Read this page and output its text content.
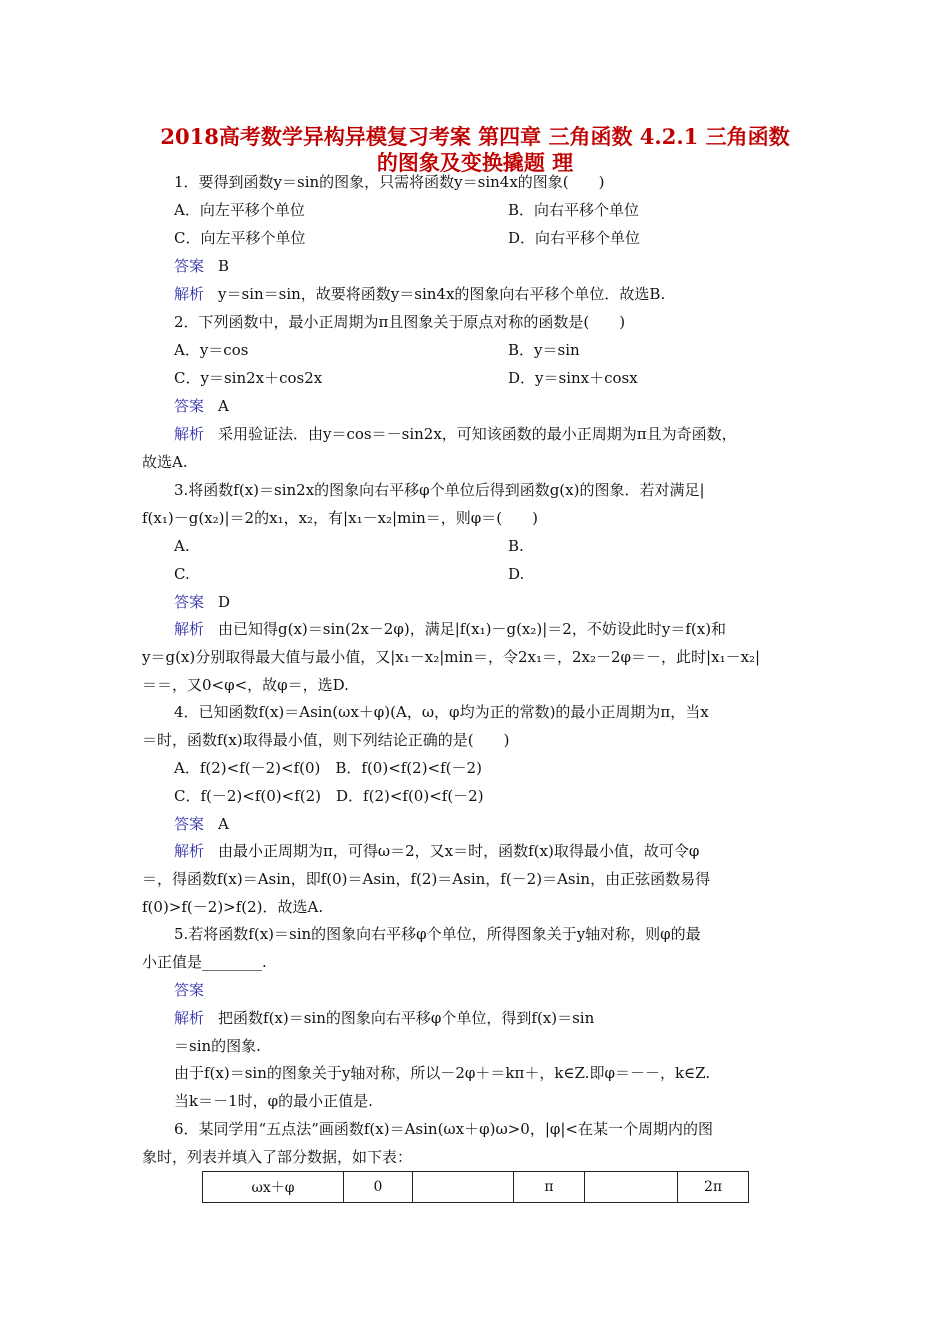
2018高考数学异构异模复习考案 第四章 三角函数 4.2.1 三角函数
的图象及变换撬题 理
1．要得到函数y＝sin的图象，只需将函数y＝sin4x的图象(　　)
A．向左平移个单位	B．向右平移个单位
C．向左平移个单位	D．向右平移个单位
答案 B
解析 y＝sin＝sin，故要将函数y＝sin4x的图象向右平移个单位．故选B.
2．下列函数中，最小正周期为π且图象关于原点对称的函数是(　　)
A．y＝cos	B．y＝sin
C．y＝sin2x＋cos2x	D．y＝sinx＋cosx
答案 A
解析 采用验证法．由y＝cos＝－sin2x，可知该函数的最小正周期为π且为奇函数，
故选A.
3.将函数f(x)＝sin2x的图象向右平移φ个单位后得到函数g(x)的图象．若对满足|
f(x₁)－g(x₂)|＝2的x₁，x₂，有|x₁－x₂|min＝，则φ＝(　　)
A.	B.
C.	D.
答案 D
解析 由已知得g(x)＝sin(2x－2φ)，满足|f(x₁)－g(x₂)|＝2，不妨设此时y＝f(x)和
y＝g(x)分别取得最大值与最小值，又|x₁－x₂|min＝，令2x₁＝，2x₂－2φ＝－，此时|x₁－x₂|
＝＝，又0<φ<，故φ＝，选D.
4．已知函数f(x)＝Asin(ωx＋φ)(A，ω，φ均为正的常数)的最小正周期为π，当x
＝时，函数f(x)取得最小值，则下列结论正确的是(　　)
A．f(2)<f(－2)<f(0)　B．f(0)<f(2)<f(－2)
C．f(－2)<f(0)<f(2)　D．f(2)<f(0)<f(－2)
答案 A
解析 由最小正周期为π，可得ω＝2，又x＝时，函数f(x)取得最小值，故可令φ
＝，得函数f(x)＝Asin，即f(0)＝Asin，f(2)＝Asin，f(－2)＝Asin，由正弦函数易得
f(0)>f(－2)>f(2)．故选A.
5.若将函数f(x)＝sin的图象向右平移φ个单位，所得图象关于y轴对称，则φ的最
小正值是________.
答案
解析 把函数f(x)＝sin的图象向右平移φ个单位，得到f(x)＝sin
＝sin的图象.
由于f(x)＝sin的图象关于y轴对称，所以－2φ＋＝kπ＋，k∈Z.即φ＝－－，k∈Z.
当k＝－1时，φ的最小正值是.
6．某同学用“五点法”画函数f(x)＝Asin(ωx＋φ)ω>0，|φ|<在某一个周期内的图
象时，列表并填入了部分数据，如下表：
ωx＋φ	0		π		2π
